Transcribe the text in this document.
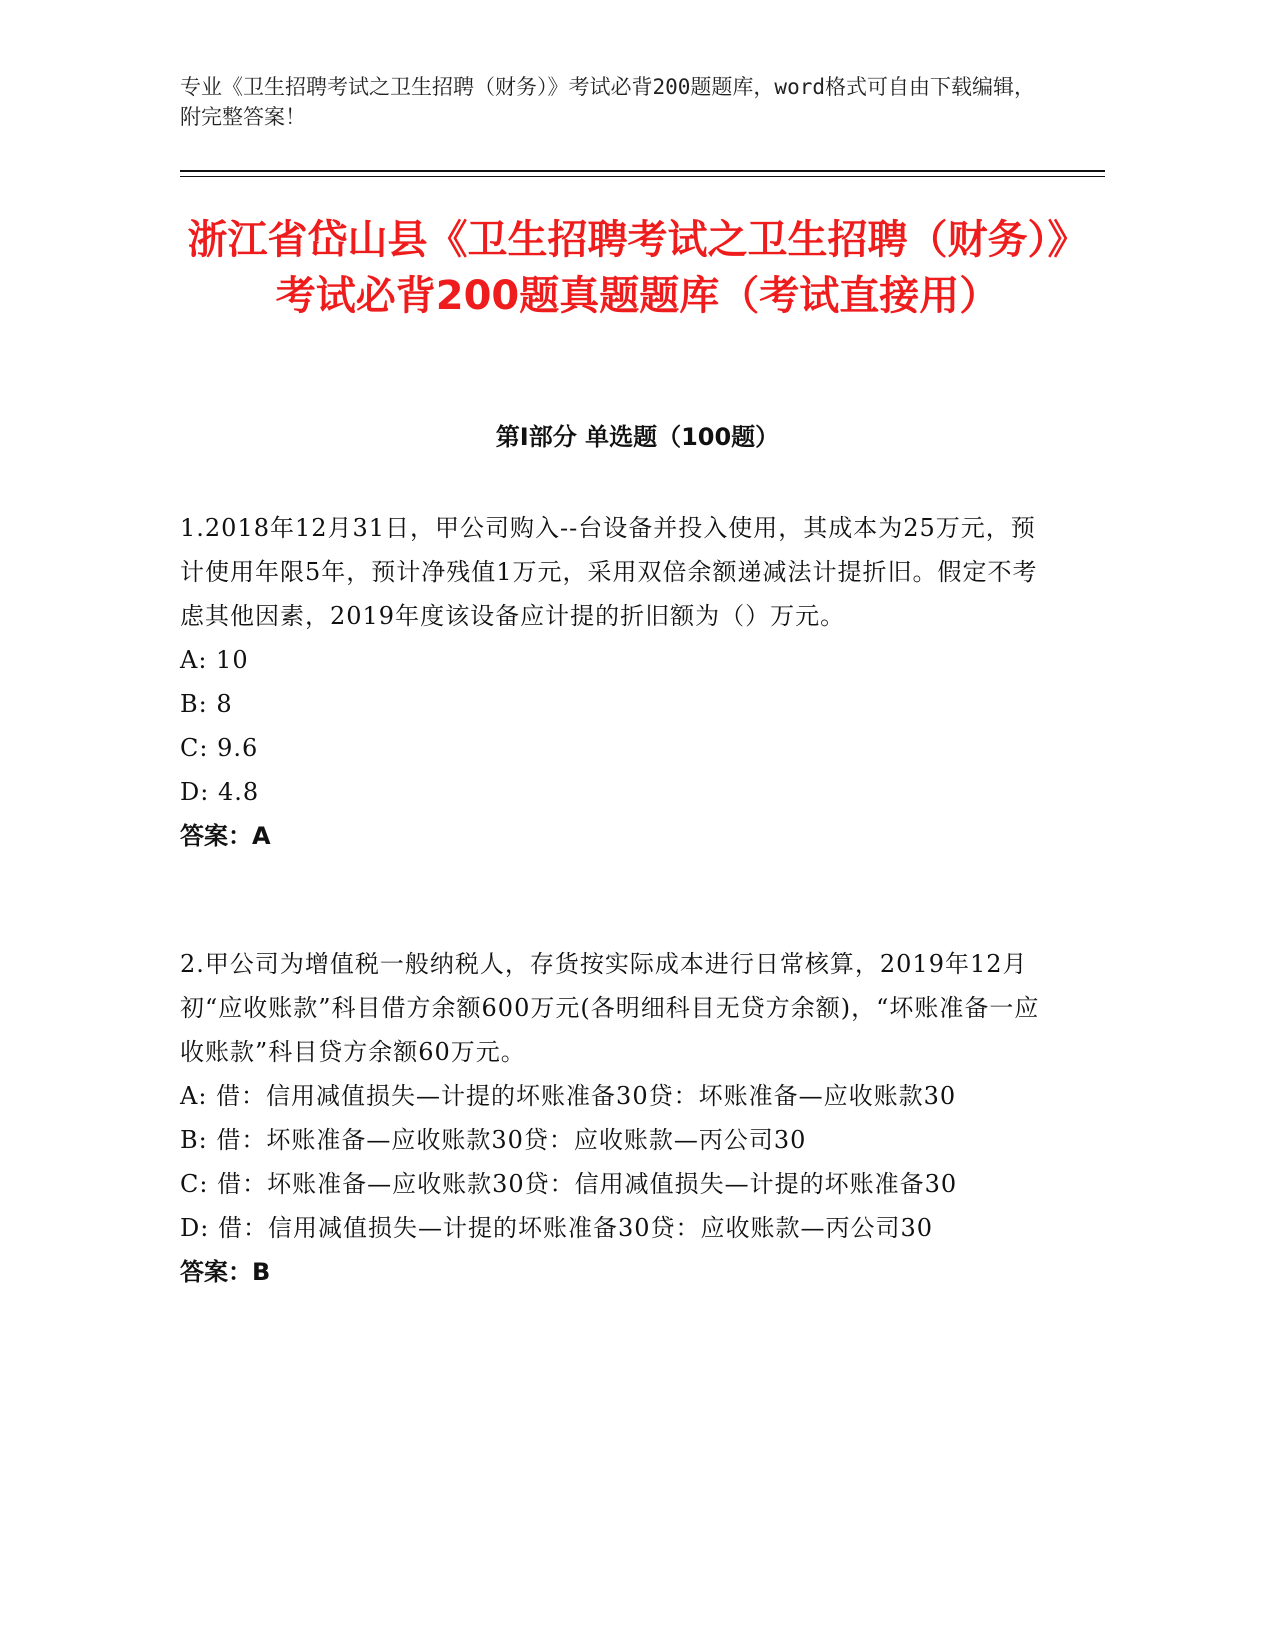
专业《卫生招聘考试之卫生招聘（财务）》考试必背200题题库，word格式可自由下载编辑，附完整答案！

浙江省岱山县《卫生招聘考试之卫生招聘（财务）》考试必背200题真题题库（考试直接用）
第Ⅰ部分 单选题（100题）

1.2018年12月31日，甲公司购入--台设备并投入使用，其成本为25万元，预计使用年限5年，预计净残值1万元，采用双倍余额递减法计提折旧。假定不考虑其他因素，2019年度该设备应计提的折旧额为（）万元。

A: 10

B: 8

C: 9.6

D: 4.8

答案：A

2.甲公司为增值税一般纳税人，存货按实际成本进行日常核算，2019年12月初“应收账款”科目借方余额600万元(各明细科目无贷方余额)，“坏账准备一应收账款”科目贷方余额60万元。

A: 借：信用减值损失—计提的坏账准备30贷：坏账准备—应收账款30

B: 借：坏账准备—应收账款30贷：应收账款—丙公司30

C: 借：坏账准备—应收账款30贷：信用减值损失—计提的坏账准备30

D: 借：信用减值损失—计提的坏账准备30贷：应收账款—丙公司30

答案：B
